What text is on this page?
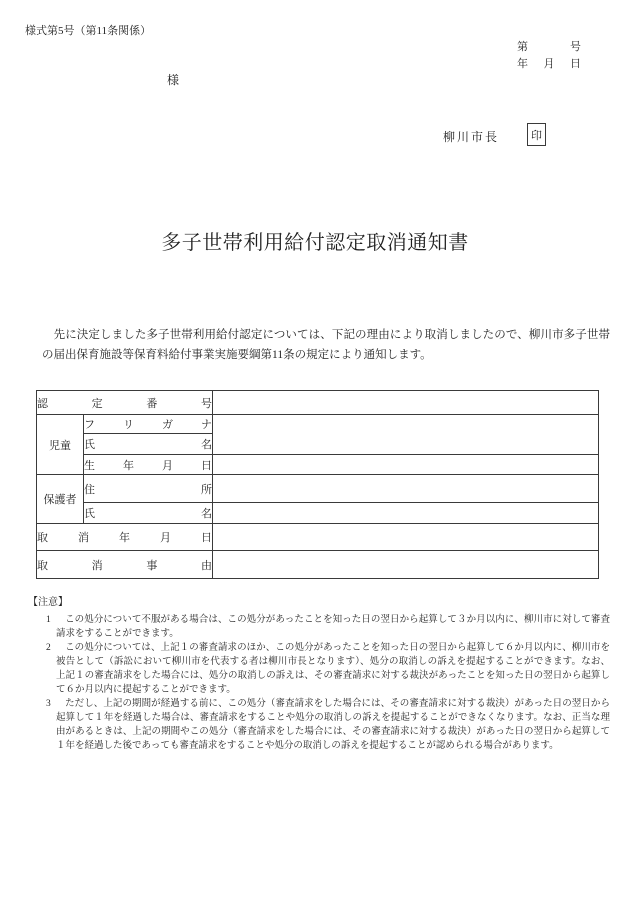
様式第5号（第11条関係）
第	号
年 月 日
様
柳川市長	印
多子世帯利用給付認定取消通知書

　先に決定しました多子世帯利用給付認定については、下記の理由により取消しましたので、柳川市多子世帯の届出保育施設等保育料給付事業実施要綱第11条の規定により通知します。

認 定 番 号		
児童	フ リ ガ ナ	
	氏 名	
	生 年 月 日	
保護者	住 所	
	氏 名	
取 消 年 月 日		
取 消 事 由		

【注意】

1 この処分について不服がある場合は、この処分があったことを知った日の翌日から起算して３か月以内に、柳川市に対して審査請求をすることができます。
2 この処分については、上記１の審査請求のほか、この処分があったことを知った日の翌日から起算して６か月以内に、柳川市を被告として（訴訟において柳川市を代表する者は柳川市長となります）、処分の取消しの訴えを提起することができます。なお、上記１の審査請求をした場合には、処分の取消しの訴えは、その審査請求に対する裁決があったことを知った日の翌日から起算して６か月以内に提起することができます。
3 ただし、上記の期間が経過する前に、この処分（審査請求をした場合には、その審査請求に対する裁決）があった日の翌日から起算して１年を経過した場合は、審査請求をすることや処分の取消しの訴えを提起することができなくなります。なお、正当な理由があるときは、上記の期間やこの処分（審査請求をした場合には、その審査請求に対する裁決）があった日の翌日から起算して１年を経過した後であっても審査請求をすることや処分の取消しの訴えを提起することが認められる場合があります。
